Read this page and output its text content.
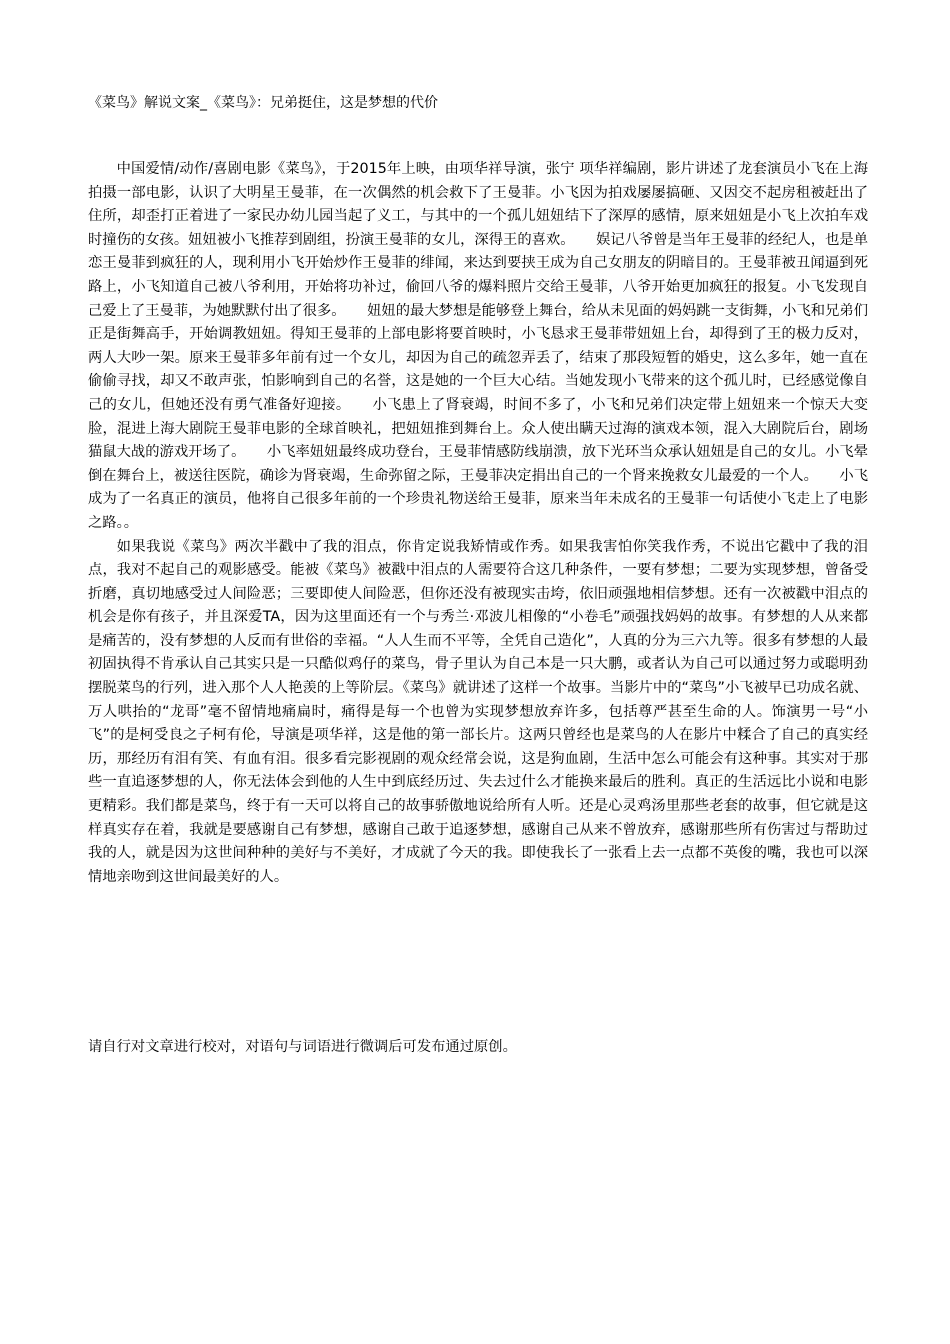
《菜鸟》解说文案_《菜鸟》：兄弟挺住，这是梦想的代价

中国爱情/动作/喜剧电影《菜鸟》，于2015年上映，由项华祥导演，张宁 项华祥编剧，影片讲述了龙套演员小飞在上海拍摄一部电影，认识了大明星王曼菲，在一次偶然的机会救下了王曼菲。小飞因为拍戏屡屡搞砸、又因交不起房租被赶出了住所，却歪打正着进了一家民办幼儿园当起了义工，与其中的一个孤儿妞妞结下了深厚的感情，原来妞妞是小飞上次拍车戏时撞伤的女孩。妞妞被小飞推荐到剧组，扮演王曼菲的女儿，深得王的喜欢。　　娱记八爷曾是当年王曼菲的经纪人，也是单恋王曼菲到疯狂的人，现利用小飞开始炒作王曼菲的绯闻，来达到要挟王成为自己女朋友的阴暗目的。王曼菲被丑闻逼到死路上，小飞知道自己被八爷利用，开始将功补过，偷回八爷的爆料照片交给王曼菲，八爷开始更加疯狂的报复。小飞发现自己爱上了王曼菲，为她默默付出了很多。　　妞妞的最大梦想是能够登上舞台，给从未见面的妈妈跳一支街舞，小飞和兄弟们正是街舞高手，开始调教妞妞。得知王曼菲的上部电影将要首映时，小飞恳求王曼菲带妞妞上台，却得到了王的极力反对，两人大吵一架。原来王曼菲多年前有过一个女儿，却因为自己的疏忽弄丢了，结束了那段短暂的婚史，这么多年，她一直在偷偷寻找，却又不敢声张，怕影响到自己的名誉，这是她的一个巨大心结。当她发现小飞带来的这个孤儿时，已经感觉像自己的女儿，但她还没有勇气准备好迎接。　　小飞患上了肾衰竭，时间不多了，小飞和兄弟们决定带上妞妞来一个惊天大变脸，混进上海大剧院王曼菲电影的全球首映礼，把妞妞推到舞台上。众人使出瞒天过海的演戏本领，混入大剧院后台，剧场猫鼠大战的游戏开场了。　　小飞率妞妞最终成功登台，王曼菲情感防线崩溃，放下光环当众承认妞妞是自己的女儿。小飞晕倒在舞台上，被送往医院，确诊为肾衰竭，生命弥留之际，王曼菲决定捐出自己的一个肾来挽救女儿最爱的一个人。　　小飞成为了一名真正的演员，他将自己很多年前的一个珍贵礼物送给王曼菲，原来当年未成名的王曼菲一句话使小飞走上了电影之路。。

如果我说《菜鸟》两次半戳中了我的泪点，你肯定说我矫情或作秀。如果我害怕你笑我作秀，不说出它戳中了我的泪点，我对不起自己的观影感受。能被《菜鸟》被戳中泪点的人需要符合这几种条件，一要有梦想；二要为实现梦想，曾备受折磨，真切地感受过人间险恶；三要即使人间险恶，但你还没有被现实击垮，依旧顽强地相信梦想。还有一次被戳中泪点的机会是你有孩子，并且深爱TA，因为这里面还有一个与秀兰·邓波儿相像的“小卷毛”顽强找妈妈的故事。有梦想的人从来都是痛苦的，没有梦想的人反而有世俗的幸福。“人人生而不平等，全凭自己造化”，人真的分为三六九等。很多有梦想的人最初固执得不肯承认自己其实只是一只酷似鸡仔的菜鸟，骨子里认为自己本是一只大鹏，或者认为自己可以通过努力或聪明劲摆脱菜鸟的行列，进入那个人人艳羡的上等阶层。《菜鸟》就讲述了这样一个故事。当影片中的“菜鸟”小飞被早已功成名就、万人哄抬的“龙哥”毫不留情地痛扁时，痛得是每一个也曾为实现梦想放弃许多，包括尊严甚至生命的人。饰演男一号“小飞”的是柯受良之子柯有伦，导演是项华祥，这是他的第一部长片。这两只曾经也是菜鸟的人在影片中糅合了自己的真实经历，那经历有泪有笑、有血有泪。很多看完影视剧的观众经常会说，这是狗血剧，生活中怎么可能会有这种事。其实对于那些一直追逐梦想的人，你无法体会到他的人生中到底经历过、失去过什么才能换来最后的胜利。真正的生活远比小说和电影更精彩。我们都是菜鸟，终于有一天可以将自己的故事骄傲地说给所有人听。还是心灵鸡汤里那些老套的故事，但它就是这样真实存在着，我就是要感谢自己有梦想，感谢自己敢于追逐梦想，感谢自己从来不曾放弃，感谢那些所有伤害过与帮助过我的人，就是因为这世间种种的美好与不美好，才成就了今天的我。即使我长了一张看上去一点都不英俊的嘴，我也可以深情地亲吻到这世间最美好的人。

请自行对文章进行校对，对语句与词语进行微调后可发布通过原创。
